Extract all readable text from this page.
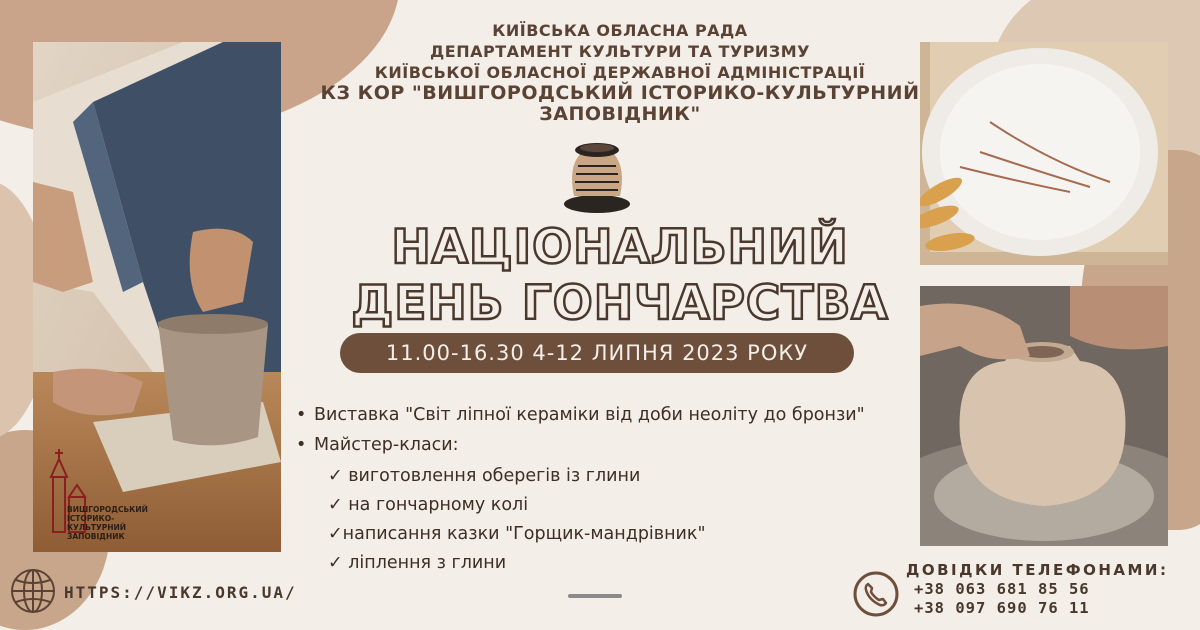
ВИШГОРОДСЬКИЙ ІСТОРИКО-КУЛЬТУРНИЙ ЗАПОВІДНИК
КИЇВСЬКА ОБЛАСНА РАДА
ДЕПАРТАМЕНТ КУЛЬТУРИ ТА ТУРИЗМУ
КИЇВСЬКОЇ ОБЛАСНОЇ ДЕРЖАВНОЇ АДМІНІСТРАЦІЇ
КЗ КОР "ВИШГОРОДСЬКИЙ ІСТОРИКО-КУЛЬТУРНИЙ
ЗАПОВІДНИК"
НАЦІОНАЛЬНИЙ
ДЕНЬ ГОНЧАРСТВА
11.00-16.30 4-12 ЛИПНЯ 2023 РОКУ
• Виставка "Світ ліпної кераміки від доби неоліту до бронзи"
• Майстер-класи:
✓ виготовлення оберегів із глини
✓ на гончарному колі
✓написання казки "Горщик-мандрівник"
✓ ліплення з глини
HTTPS://VIKZ.ORG.UA/
ДОВІДКИ ТЕЛЕФОНАМИ:
+38 063 681 85 56
+38 097 690 76 11
